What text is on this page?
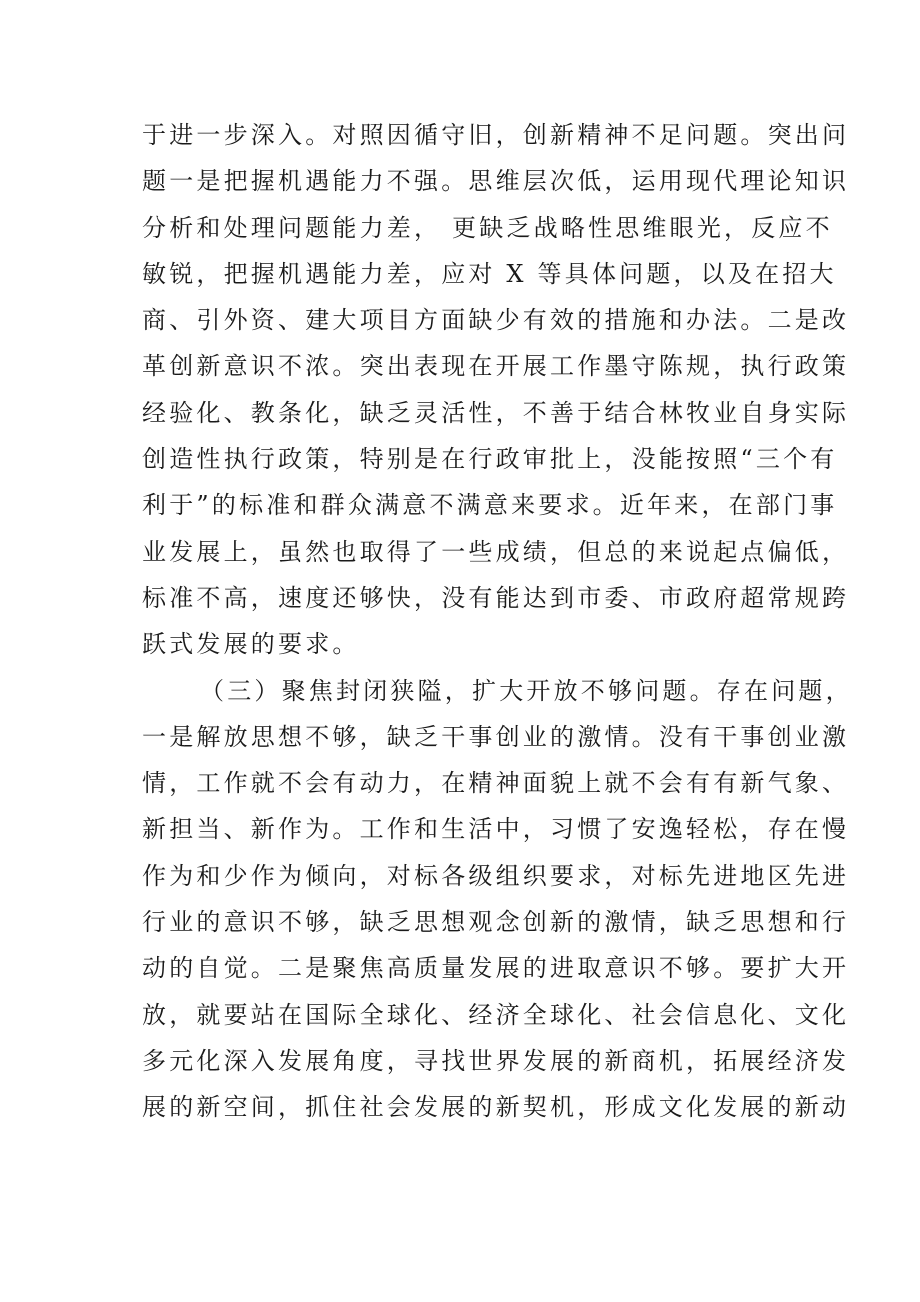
于进一步深入。对照因循守旧，创新精神不足问题。突出问
题一是把握机遇能力不强。思维层次低，运用现代理论知识
分析和处理问题能力差， 更缺乏战略性思维眼光，反应不
敏锐，把握机遇能力差，应对 X 等具体问题，以及在招大
商、引外资、建大项目方面缺少有效的措施和办法。二是改
革创新意识不浓。突出表现在开展工作墨守陈规，执行政策
经验化、教条化，缺乏灵活性，不善于结合林牧业自身实际
创造性执行政策，特别是在行政审批上，没能按照“三个有
利于”的标准和群众满意不满意来要求。近年来，在部门事
业发展上，虽然也取得了一些成绩，但总的来说起点偏低，
标准不高，速度还够快，没有能达到市委、市政府超常规跨
跃式发展的要求。
（三）聚焦封闭狭隘，扩大开放不够问题。存在问题，
一是解放思想不够，缺乏干事创业的激情。没有干事创业激
情，工作就不会有动力，在精神面貌上就不会有有新气象、
新担当、新作为。工作和生活中，习惯了安逸轻松，存在慢
作为和少作为倾向，对标各级组织要求，对标先进地区先进
行业的意识不够，缺乏思想观念创新的激情，缺乏思想和行
动的自觉。二是聚焦高质量发展的进取意识不够。要扩大开
放，就要站在国际全球化、经济全球化、社会信息化、文化
多元化深入发展角度，寻找世界发展的新商机，拓展经济发
展的新空间，抓住社会发展的新契机，形成文化发展的新动
